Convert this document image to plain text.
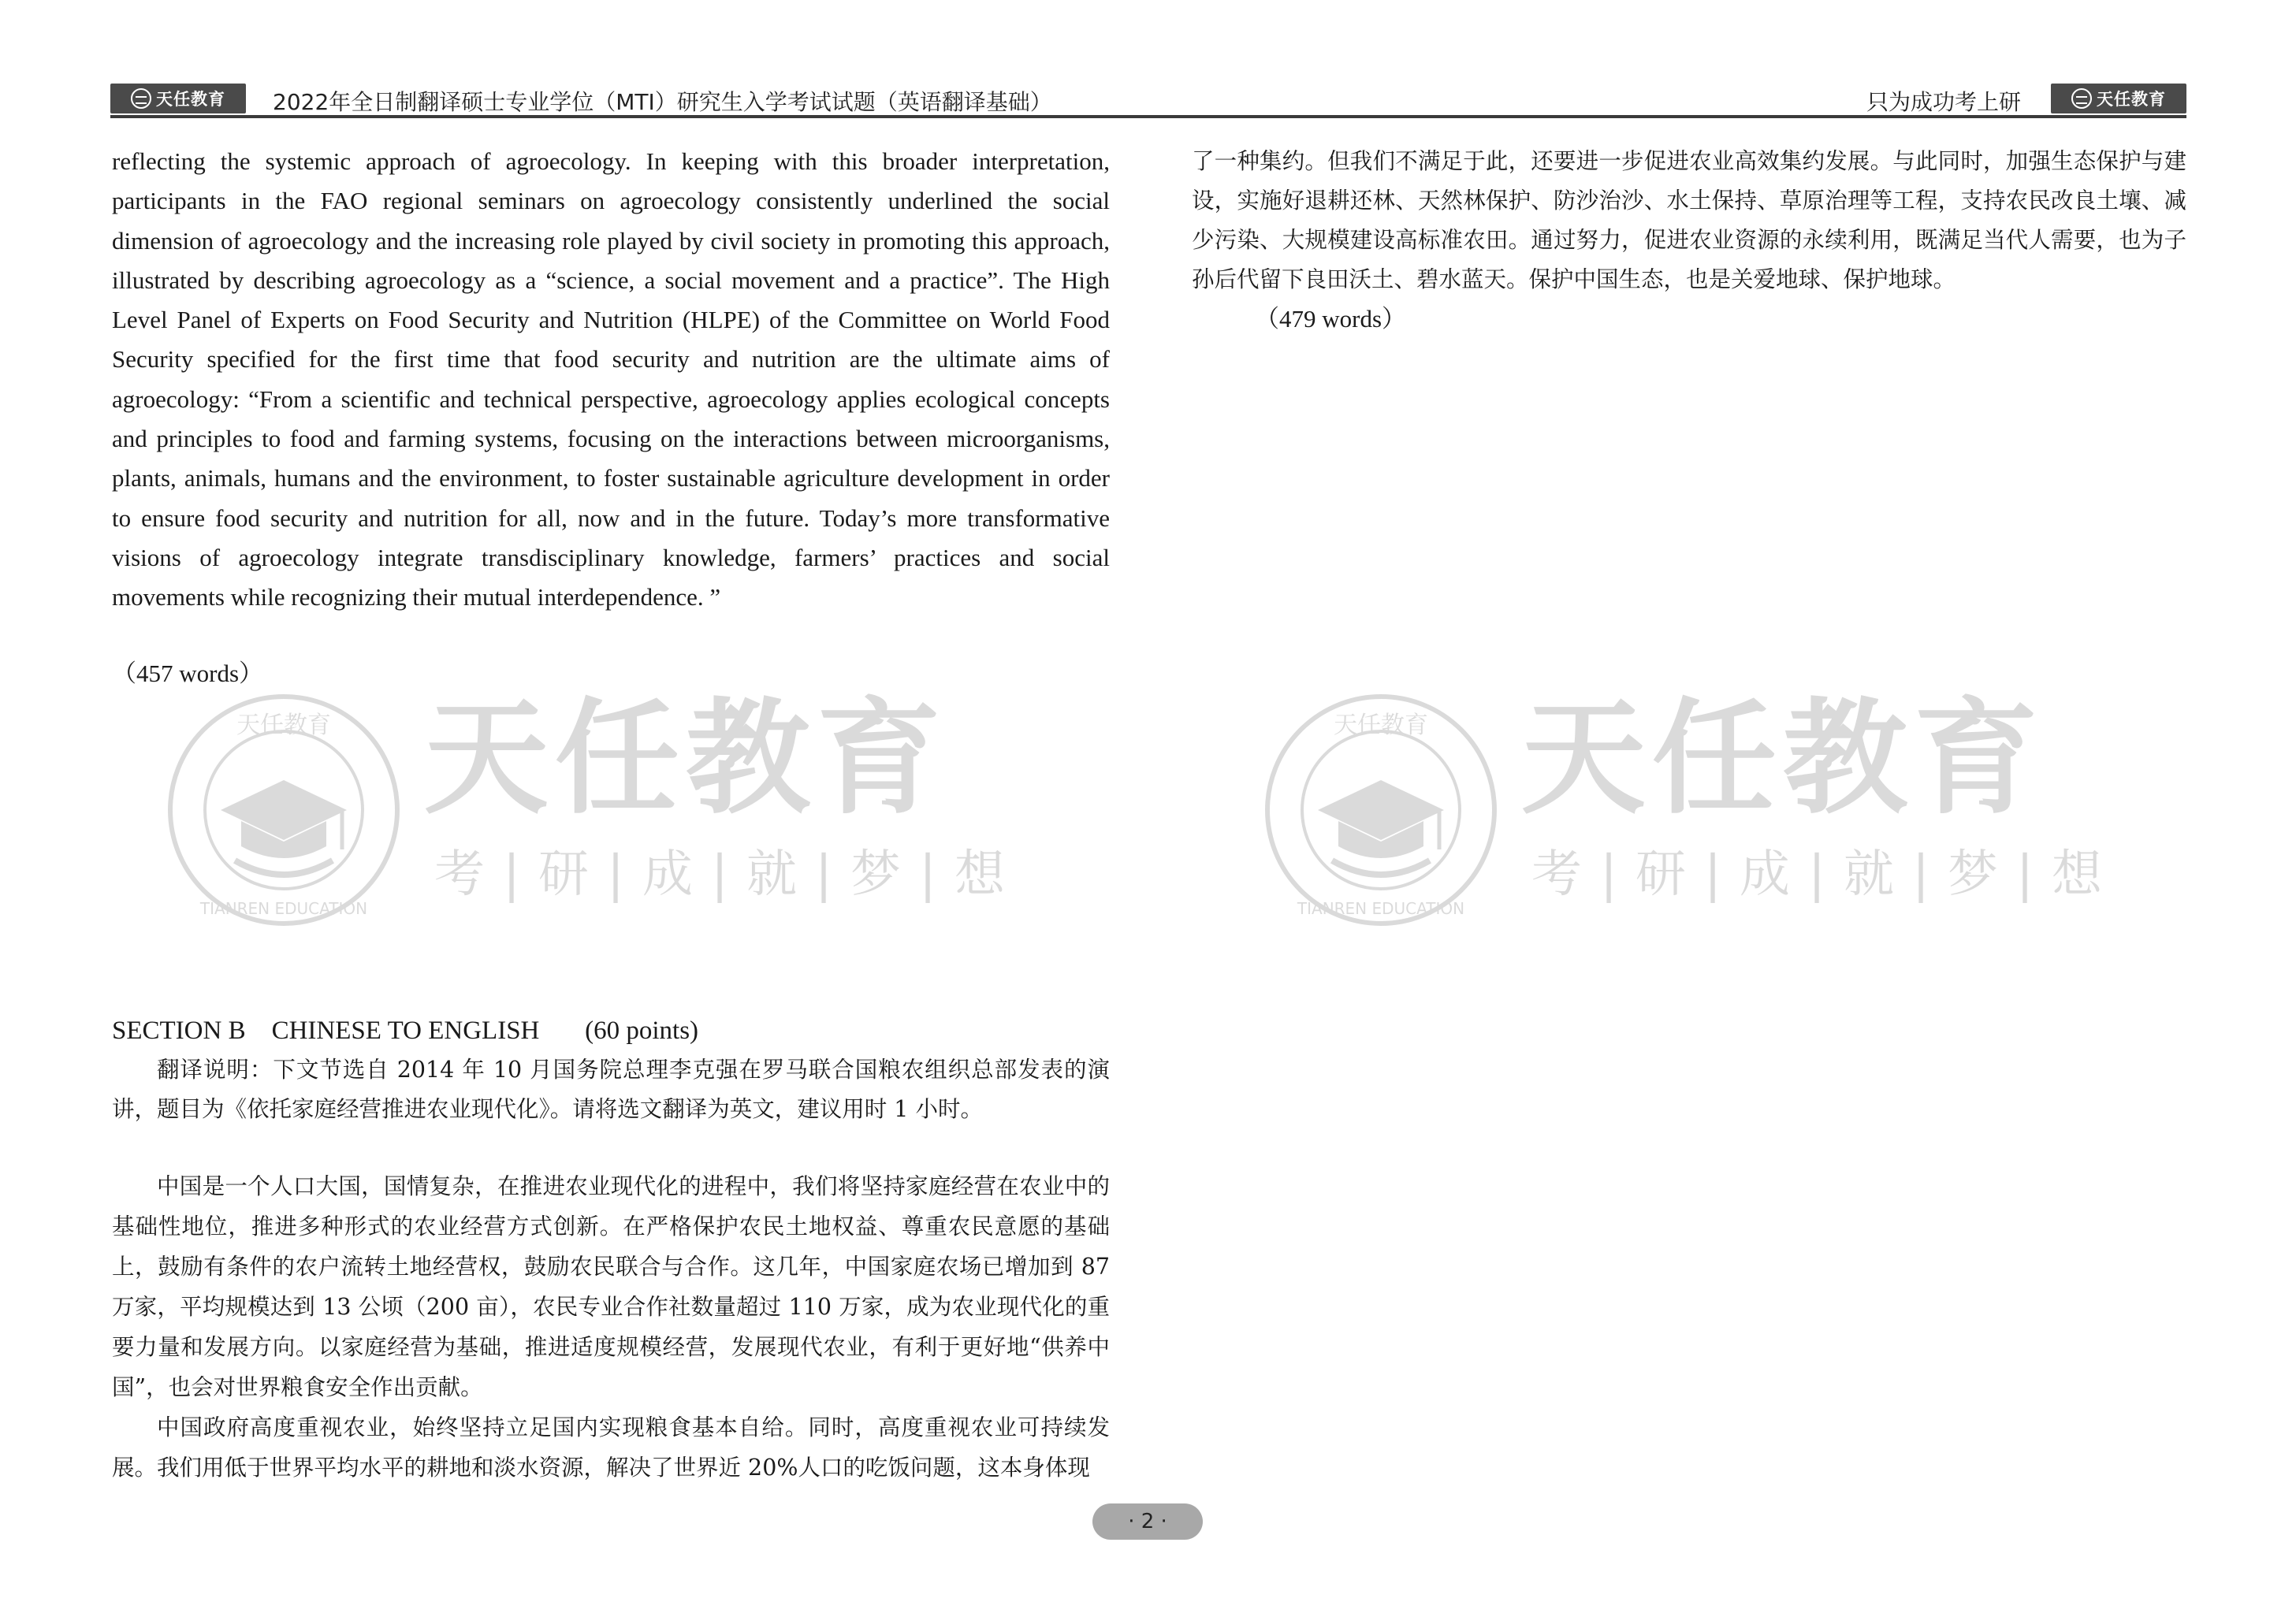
天任教育 2022年全日制翻译硕士专业学位（MTI）研究生入学考试试题（英语翻译基础）	只为成功考上研	天任教育
天任教育
TIANREN EDUCATION
天任教育
考 | 研 | 成 | 就 | 梦 | 想
天任教育
TIANREN EDUCATION
天任教育
考 | 研 | 成 | 就 | 梦 | 想

reflecting the systemic approach of agroecology. In keeping with this broader interpretation, participants in the FAO regional seminars on agroecology consistently underlined the social dimension of agroecology and the increasing role played by civil society in promoting this approach, illustrated by describing agroecology as a “science, a social movement and a practice”. The High Level Panel of Experts on Food Security and Nutrition (HLPE) of the Committee on World Food Security specified for the first time that food security and nutrition are the ultimate aims of agroecology: “From a scientific and technical perspective, agroecology applies ecological concepts and principles to food and farming systems, focusing on the interactions between microorganisms, plants, animals, humans and the environment, to foster sustainable agriculture development in order to ensure food security and nutrition for all, now and in the future. Today’s more transformative visions of agroecology integrate transdisciplinary knowledge, farmers’ practices and social movements while recognizing their mutual interdependence. ”

（457 words）
SECTION B    CHINESE TO ENGLISH       (60 points)

翻译说明：下文节选自 2014 年 10 月国务院总理李克强在罗马联合国粮农组织总部发表的演讲，题目为《依托家庭经营推进农业现代化》。请将选文翻译为英文，建议用时 1 小时。

中国是一个人口大国，国情复杂，在推进农业现代化的进程中，我们将坚持家庭经营在农业中的基础性地位，推进多种形式的农业经营方式创新。在严格保护农民土地权益、尊重农民意愿的基础上，鼓励有条件的农户流转土地经营权，鼓励农民联合与合作。这几年，中国家庭农场已增加到 87 万家，平均规模达到 13 公顷（200 亩），农民专业合作社数量超过 110 万家，成为农业现代化的重要力量和发展方向。以家庭经营为基础，推进适度规模经营，发展现代农业，有利于更好地“供养中国”，也会对世界粮食安全作出贡献。

中国政府高度重视农业，始终坚持立足国内实现粮食基本自给。同时，高度重视农业可持续发展。我们用低于世界平均水平的耕地和淡水资源，解决了世界近 20%人口的吃饭问题，这本身体现

了一种集约。但我们不满足于此，还要进一步促进农业高效集约发展。与此同时，加强生态保护与建设，实施好退耕还林、天然林保护、防沙治沙、水土保持、草原治理等工程，支持农民改良土壤、减少污染、大规模建设高标准农田。通过努力，促进农业资源的永续利用，既满足当代人需要，也为子孙后代留下良田沃土、碧水蓝天。保护中国生态，也是关爱地球、保护地球。

（479 words）
· 2 ·
